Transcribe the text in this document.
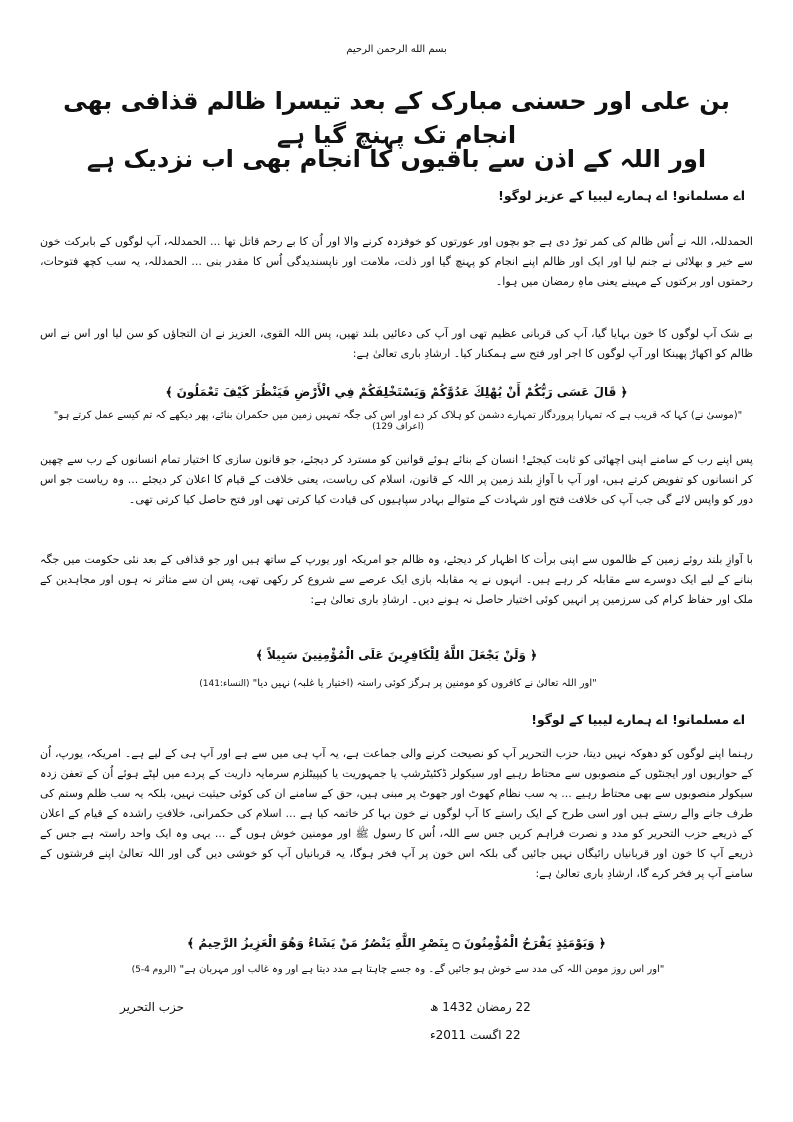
بسم الله الرحمن الرحيم
بن علی اور حسنی مبارک کے بعد تیسرا ظالم قذافی بھی انجام تک پہنچ گیا ہے
اور اللہ کے اذن سے باقیوں کا انجام بھی اب نزدیک ہے
اے مسلمانو! اے ہمارے لیبیا کے عزیز لوگو!
الحمدللہ، اللہ نے اُس ظالم کی کمر توڑ دی ہے جو بچوں اور عورتوں کو خوفزدہ کرنے والا اور اُن کا بے رحم قاتل تھا ... الحمدللہ، آپ لوگوں کے بابرکت خون سے خیر و بھلائی نے جنم لیا اور ایک اور ظالم اپنے انجام کو پہنچ گیا اور ذلت، ملامت اور ناپسندیدگی اُس کا مقدر بنی ... الحمدللہ، یہ سب کچھ فتوحات، رحمتوں اور برکتوں کے مہینے یعنی ماہِ رمضان میں ہوا۔
بے شک آپ لوگوں کا خون بہایا گیا، آپ کی قربانی عظیم تھی اور آپ کی دعائیں بلند تھیں، پس اللہ القوی، العزیز نے ان التجاؤں کو سن لیا اور اس نے اس ظالم کو اکھاڑ پھینکا اور آپ لوگوں کا اجر اور فتح سے ہمکنار کیا۔ ارشادِ باری تعالیٰ ہے:
﴿ قَالَ عَسَى رَبُّكُمْ أَنْ يُهْلِكَ عَدُوَّكُمْ وَيَسْتَخْلِفَكُمْ فِي الْأَرْضِ فَيَنْظُرَ كَيْفَ تَعْمَلُونَ ﴾
"(موسیٰ نے) کہا کہ قریب ہے کہ تمہارا پروردگار تمہارے دشمن کو ہلاک کر دے اور اس کی جگہ تمہیں زمین میں حکمران بنائے، پھر دیکھے کہ تم کیسے عمل کرتے ہو" (اعراف 129)
پس اپنے رب کے سامنے اپنی اچھائی کو ثابت کیجئے! انسان کے بنائے ہوئے قوانین کو مسترد کر دیجئے، جو قانون سازی کا اختیار تمام انسانوں کے رب سے چھین کر انسانوں کو تفویض کرتے ہیں، اور آپ با آوازِ بلند زمین پر اللہ کے قانون، اسلام کی ریاست، یعنی خلافت کے قیام کا اعلان کر دیجئے ... وہ ریاست جو اس دور کو واپس لائے گی جب آپ کی خلافت فتح اور شہادت کے متوالے بہادر سپاہیوں کی قیادت کیا کرتی تھی اور فتح حاصل کیا کرتی تھی۔
با آوازِ بلند روئے زمین کے ظالموں سے اپنی برأت کا اظہار کر دیجئے، وہ ظالم جو امریکہ اور یورپ کے ساتھ ہیں اور جو قذافی کے بعد نئی حکومت میں جگہ بنانے کے لیے ایک دوسرے سے مقابلہ کر رہے ہیں۔ انہوں نے یہ مقابلہ بازی ایک عرصے سے شروع کر رکھی تھی، پس ان سے متاثر نہ ہوں اور مجاہدین کے ملک اور حفاظ کرام کی سرزمین پر انہیں کوئی اختیار حاصل نہ ہونے دیں۔ ارشادِ باری تعالیٰ ہے:
﴿ وَلَنْ يَجْعَلَ اللَّهُ لِلْكَافِرِينَ عَلَى الْمُؤْمِنِينَ سَبِيلاً ﴾
"اور اللہ تعالیٰ نے کافروں کو مومنین پر ہرگز کوئی راستہ (اختیار یا غلبہ) نہیں دیا" (النساء:141)
اے مسلمانو! اے ہمارے لیبیا کے لوگو!
رہنما اپنے لوگوں کو دھوکہ نہیں دیتا، حزب التحریر آپ کو نصیحت کرنے والی جماعت ہے، یہ آپ ہی میں سے ہے اور آپ ہی کے لیے ہے۔ امریکہ، یورپ، اُن کے حواریوں اور ایجنٹوں کے منصوبوں سے محتاط رہیے اور سیکولر ڈکٹیٹرشپ یا جمہوریت یا کیپیٹلزم سرمایہ داریت کے پردے میں لپٹے ہوئے اُن کے تعفن زدہ سیکولر منصوبوں سے بھی محتاط رہیے ... یہ سب نظام کھوٹ اور جھوٹ پر مبنی ہیں، حق کے سامنے ان کی کوئی حیثیت نہیں، بلکہ یہ سب ظلم وستم کی طرف جانے والے رستے ہیں اور اسی طرح کے ایک راستے کا آپ لوگوں نے خون بہا کر خاتمہ کیا ہے ... اسلام کی حکمرانی، خلافتِ راشدہ کے قیام کے اعلان کے ذریعے حزب التحریر کو مدد و نصرت فراہم کریں جس سے اللہ، اُس کا رسول ﷺ اور مومنین خوش ہوں گے ... یہی وہ ایک واحد راستہ ہے جس کے ذریعے آپ کا خون اور قربانیاں رائیگاں نہیں جائیں گی بلکہ اس خون پر آپ فخر ہوگا، یہ قربانیاں آپ کو خوشی دیں گی اور اللہ تعالیٰ اپنے فرشتوں کے سامنے آپ پر فخر کرے گا، ارشادِ باری تعالیٰ ہے:
﴿ وَيَوْمَئِذٍ يَفْرَحُ الْمُؤْمِنُونَ ۝ بِنَصْرِ اللَّهِ يَنْصُرُ مَنْ يَشَاءُ وَهُوَ الْعَزِيزُ الرَّحِيمُ ﴾
"اور اس روز مومن اللہ کی مدد سے خوش ہو جائیں گے۔ وہ جسے چاہتا ہے مدد دیتا ہے اور وہ غالب اور مہربان ہے" (الروم 4-5)
حزب التحریر	22 رمضان 1432 ھ
22 اگست 2011ء
